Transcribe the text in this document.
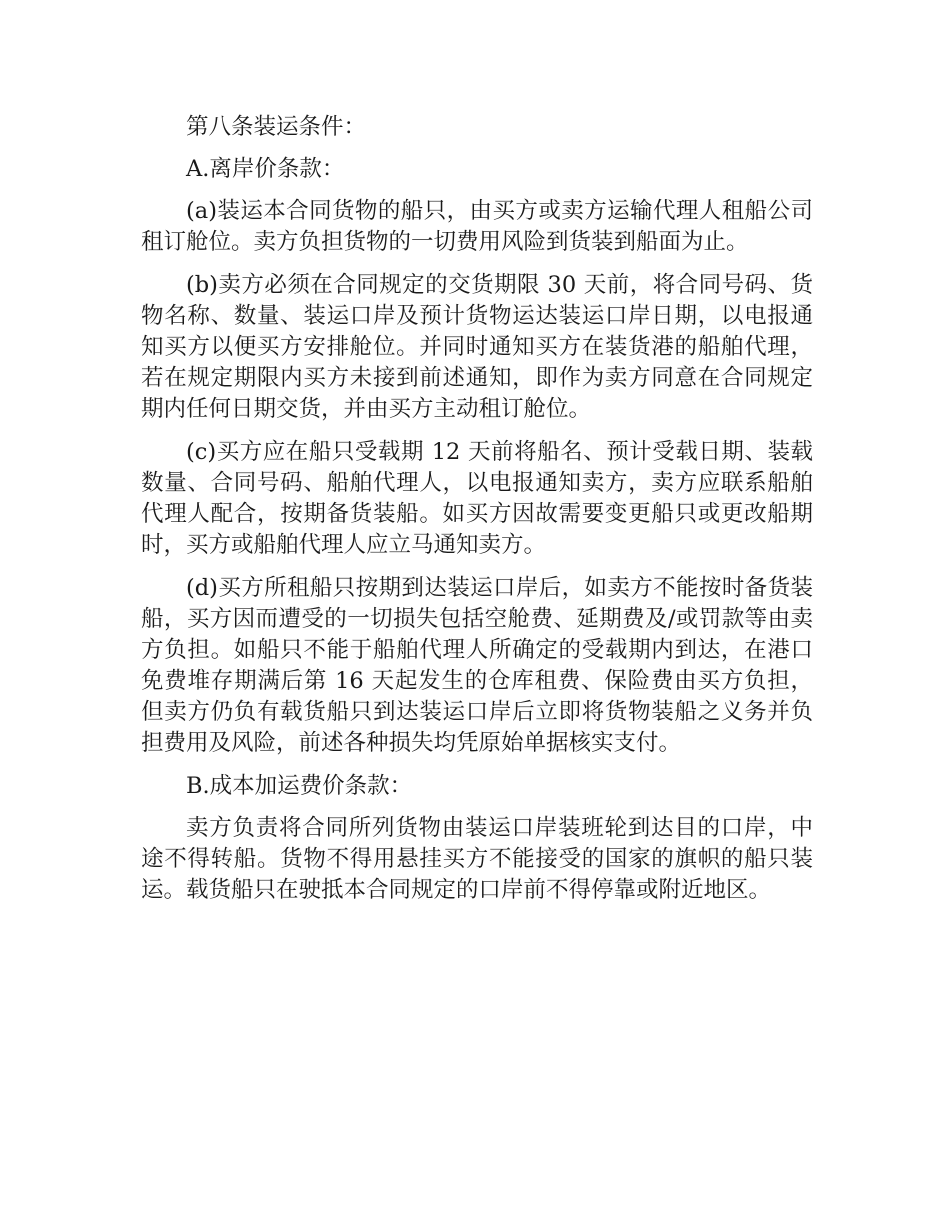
第八条装运条件：

A.离岸价条款：

(a)装运本合同货物的船只，由买方或卖方运输代理人租船公司租订舱位。卖方负担货物的一切费用风险到货装到船面为止。

(b)卖方必须在合同规定的交货期限 30 天前，将合同号码、货物名称、数量、装运口岸及预计货物运达装运口岸日期，以电报通知买方以便买方安排舱位。并同时通知买方在装货港的船舶代理，若在规定期限内买方未接到前述通知，即作为卖方同意在合同规定期内任何日期交货，并由买方主动租订舱位。

(c)买方应在船只受载期 12 天前将船名、预计受载日期、装载数量、合同号码、船舶代理人，以电报通知卖方，卖方应联系船舶代理人配合，按期备货装船。如买方因故需要变更船只或更改船期时，买方或船舶代理人应立马通知卖方。

(d)买方所租船只按期到达装运口岸后，如卖方不能按时备货装船，买方因而遭受的一切损失包括空舱费、延期费及/或罚款等由卖方负担。如船只不能于船舶代理人所确定的受载期内到达，在港口免费堆存期满后第 16 天起发生的仓库租费、保险费由买方负担，但卖方仍负有载货船只到达装运口岸后立即将货物装船之义务并负担费用及风险，前述各种损失均凭原始单据核实支付。

B.成本加运费价条款：

卖方负责将合同所列货物由装运口岸装班轮到达目的口岸，中途不得转船。货物不得用悬挂买方不能接受的国家的旗帜的船只装运。载货船只在驶抵本合同规定的口岸前不得停靠或附近地区。
